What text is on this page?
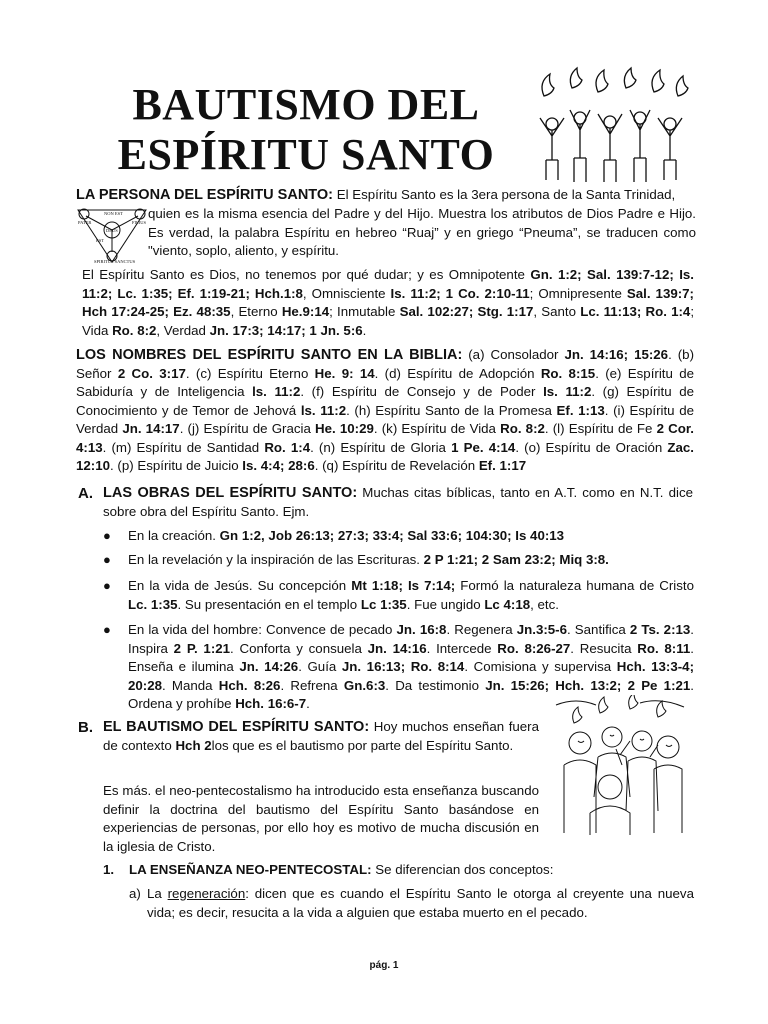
BAUTISMO DEL
ESPÍRITU SANTO
LA PERSONA DEL ESPÍRITU SANTO: El Espíritu Santo es la 3era persona de la Santa Trinidad,
PATER
DEUS
FILIUS
SPIRITUS SANCTUS
EST
NON EST quien es la misma esencia del Padre y del Hijo. Muestra los atributos de Dios Padre e Hijo. Es verdad, la palabra Espíritu en hebreo “Ruaj” y en griego “Pneuma”, se traducen como "viento, soplo, aliento, y espíritu.
El Espíritu Santo es Dios, no tenemos por qué dudar; y es Omnipotente Gn. 1:2; Sal. 139:7-12; Is. 11:2; Lc. 1:35; Ef. 1:19-21; Hch.1:8, Omnisciente Is. 11:2; 1 Co. 2:10-11; Omnipresente Sal. 139:7; Hch 17:24-25; Ez. 48:35, Eterno He.9:14; Inmutable Sal. 102:27; Stg. 1:17, Santo Lc. 11:13; Ro. 1:4; Vida Ro. 8:2, Verdad Jn. 17:3; 14:17; 1 Jn. 5:6.
LOS NOMBRES DEL ESPÍRITU SANTO EN LA BIBLIA: (a) Consolador Jn. 14:16; 15:26. (b) Señor 2 Co. 3:17. (c) Espíritu Eterno He. 9: 14. (d) Espíritu de Adopción Ro. 8:15. (e) Espíritu de Sabiduría y de Inteligencia ls. 11:2. (f) Espíritu de Consejo y de Poder Is. 11:2. (g) Espíritu de Conocimiento y de Temor de Jehová ls. 11:2. (h) Espíritu Santo de la Promesa Ef. 1:13. (i) Espíritu de Verdad Jn. 14:17. (j) Espíritu de Gracia He. 10:29. (k) Espíritu de Vida Ro. 8:2. (l) Espíritu de Fe 2 Cor. 4:13. (m) Espíritu de Santidad Ro. 1:4. (n) Espíritu de Gloria 1 Pe. 4:14. (o) Espíritu de Oración Zac. 12:10. (p) Espíritu de Juicio Is. 4:4; 28:6. (q) Espíritu de Revelación Ef. 1:17
A. LAS OBRAS DEL ESPÍRITU SANTO: Muchas citas bíblicas, tanto en A.T. como en N.T. dice sobre obra del Espíritu Santo. Ejm.
● En la creación. Gn 1:2, Job 26:13; 27:3; 33:4; Sal 33:6; 104:30; Is 40:13
● En la revelación y la inspiración de las Escrituras. 2 P 1:21; 2 Sam 23:2; Miq 3:8.
● En la vida de Jesús. Su concepción Mt 1:18; Is 7:14; Formó la naturaleza humana de Cristo Lc. 1:35. Su presentación en el templo Lc 1:35. Fue ungido Lc 4:18, etc.
● En la vida del hombre: Convence de pecado Jn. 16:8. Regenera Jn.3:5-6. Santifica 2 Ts. 2:13. Inspira 2 P. 1:21. Conforta y consuela Jn. 14:16. Intercede Ro. 8:26-27. Resucita Ro. 8:11. Enseña e ilumina Jn. 14:26. Guía Jn. 16:13; Ro. 8:14. Comisiona y supervisa Hch. 13:3-4; 20:28. Manda Hch. 8:26. Refrena Gn.6:3. Da testimonio Jn. 15:26; Hch. 13:2; 2 Pe 1:21. Ordena y prohíbe Hch. 16:6-7.
B. EL BAUTISMO DEL ESPÍRITU SANTO: Hoy muchos enseñan fuera de contexto Hch 2los que es el bautismo por parte del Espíritu Santo.
Es más. el neo-pentecostalismo ha introducido esta enseñanza buscando definir la doctrina del bautismo del Espíritu Santo basándose en experiencias de personas, por ello hoy es motivo de mucha discusión en la iglesia de Cristo.
1. LA ENSEÑANZA NEO-PENTECOSTAL: Se diferencian dos conceptos:
a) La regeneración: dicen que es cuando el Espíritu Santo le otorga al creyente una nueva vida; es decir, resucita a la vida a alguien que estaba muerto en el pecado.
pág. 1
